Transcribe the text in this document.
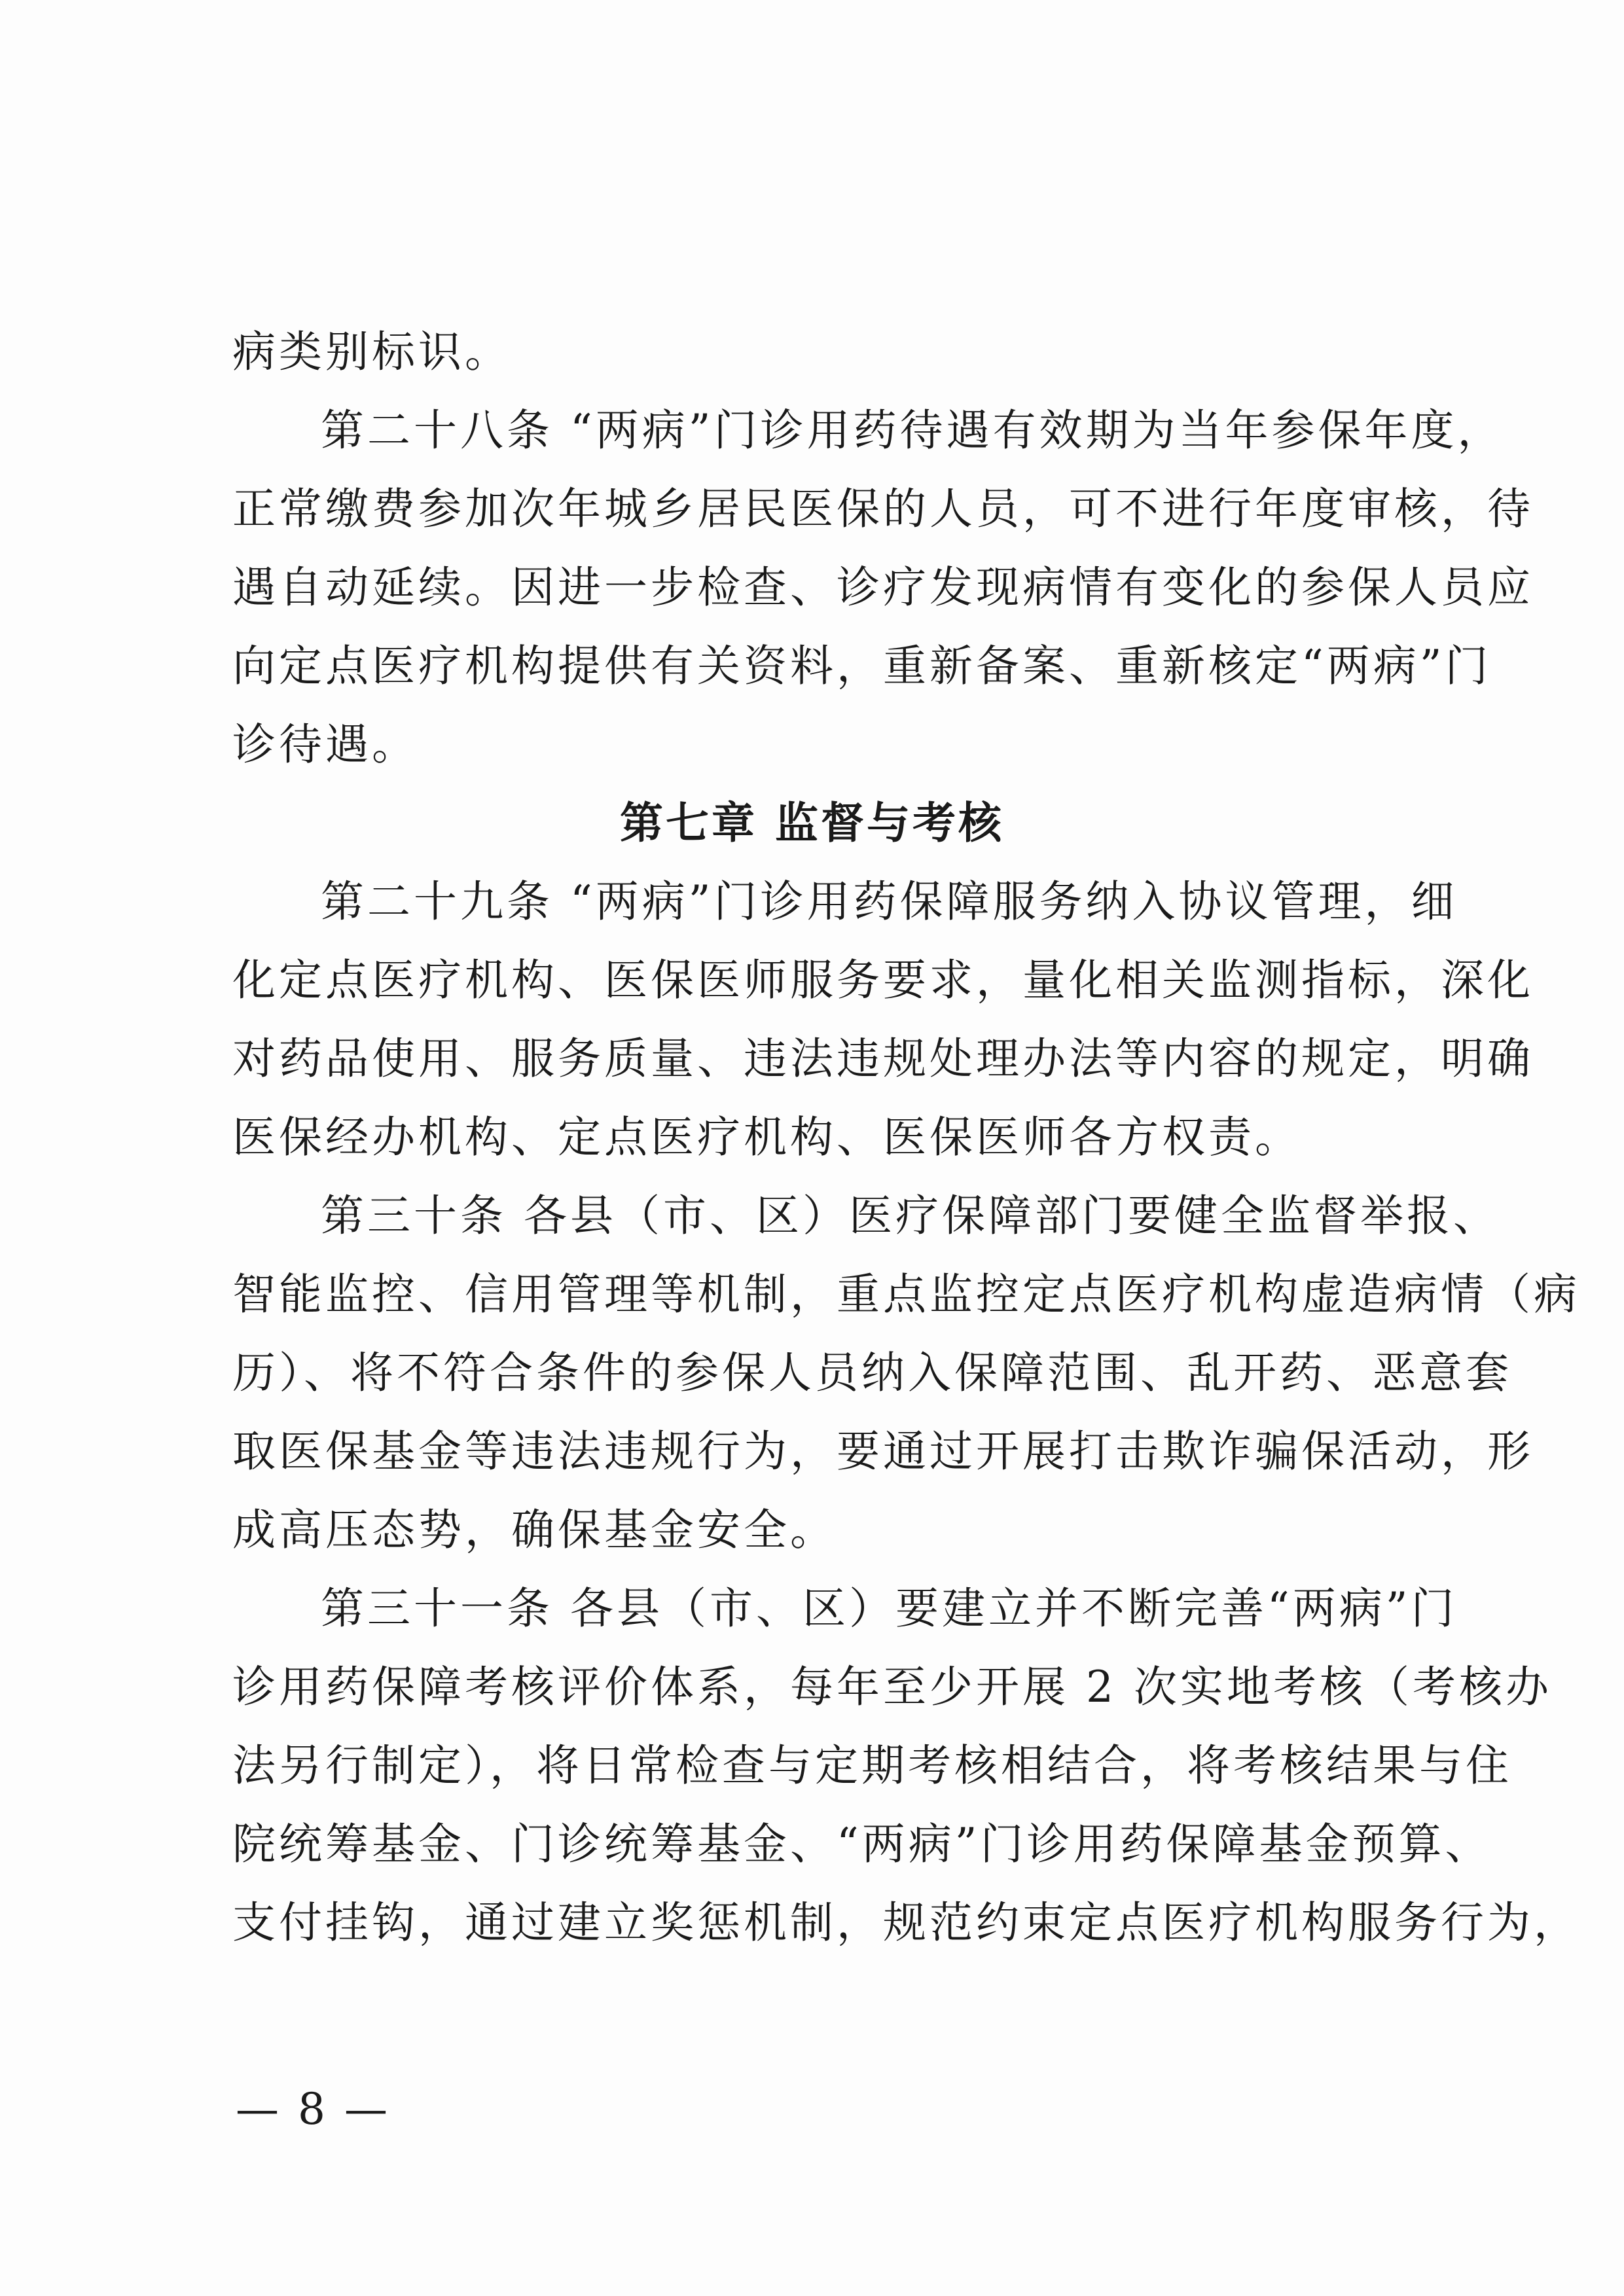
病类别标识。
第二十八条 “两病”门诊用药待遇有效期为当年参保年度，
正常缴费参加次年城乡居民医保的人员，可不进行年度审核，待
遇自动延续。因进一步检查、诊疗发现病情有变化的参保人员应
向定点医疗机构提供有关资料，重新备案、重新核定“两病”门
诊待遇。
第七章 监督与考核
第二十九条 “两病”门诊用药保障服务纳入协议管理，细
化定点医疗机构、医保医师服务要求，量化相关监测指标，深化
对药品使用、服务质量、违法违规处理办法等内容的规定，明确
医保经办机构、定点医疗机构、医保医师各方权责。
第三十条 各县（市、区）医疗保障部门要健全监督举报、
智能监控、信用管理等机制，重点监控定点医疗机构虚造病情（病
历）、将不符合条件的参保人员纳入保障范围、乱开药、恶意套
取医保基金等违法违规行为，要通过开展打击欺诈骗保活动，形
成高压态势，确保基金安全。
第三十一条 各县（市、区）要建立并不断完善“两病”门
诊用药保障考核评价体系，每年至少开展 2 次实地考核（考核办
法另行制定），将日常检查与定期考核相结合，将考核结果与住
院统筹基金、门诊统筹基金、“两病”门诊用药保障基金预算、
支付挂钩，通过建立奖惩机制，规范约束定点医疗机构服务行为，
— 8 —
